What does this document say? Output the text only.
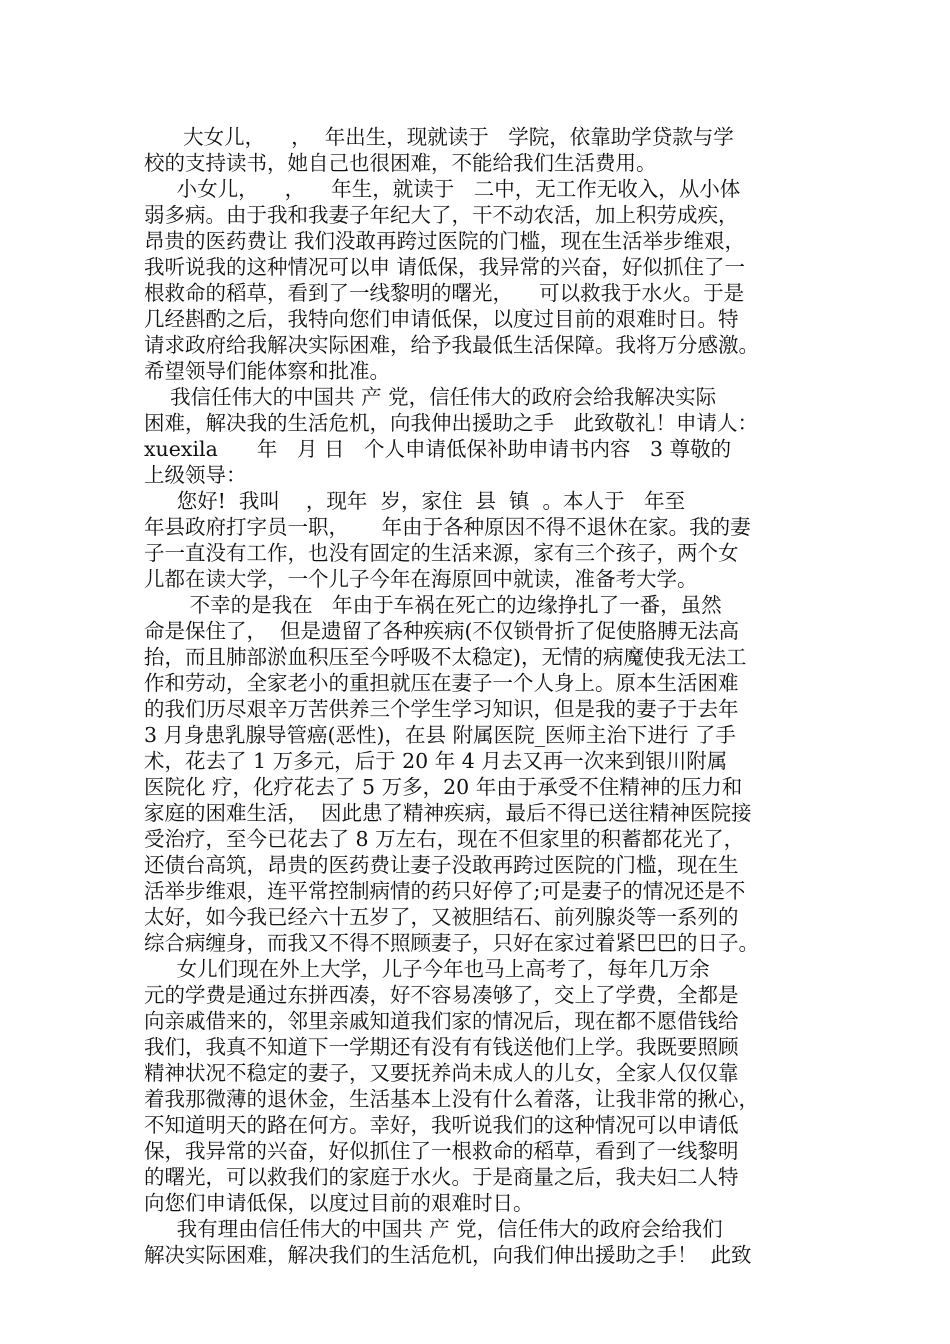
大女儿，    ，  年出生，现就读于   学院，依靠助学贷款与学
校的支持读书，她自己也很困难，不能给我们生活费用。
小女儿，    ，    年生，就读于   二中，无工作无收入，从小体
弱多病。由于我和我妻子年纪大了，干不动农活，加上积劳成疾，
昂贵的医药费让 我们没敢再跨过医院的门槛，现在生活举步维艰，
我听说我的这种情况可以申 请低保，我异常的兴奋，好似抓住了一
根救命的稻草，看到了一线黎明的曙光，    可以救我于水火。于是
几经斟酌之后，我特向您们申请低保，以度过目前的艰难时日。特
请求政府给我解决实际困难，给予我最低生活保障。我将万分感激。
希望领导们能体察和批准。
我信任伟大的中国共 产 党，信任伟大的政府会给我解决实际
困难，解决我的生活危机，向我伸出援助之手   此致敬礼！申请人：
xuexila      年   月 日   个人申请低保补助申请书内容   3 尊敬的
上级领导：
您好!  我叫    ，现年  岁，家住  县  镇  。本人于   年至
年县政府打字员一职，     年由于各种原因不得不退休在家。我的妻
子一直没有工作，也没有固定的生活来源，家有三个孩子，两个女
儿都在读大学，一个儿子今年在海原回中就读，准备考大学。
不幸的是我在   年由于车祸在死亡的边缘挣扎了一番，虽然
命是保住了，  但是遗留了各种疾病(不仅锁骨折了促使胳膊无法高
抬，而且肺部淤血积压至今呼吸不太稳定)，无情的病魔使我无法工
作和劳动，全家老小的重担就压在妻子一个人身上。原本生活困难
的我们历尽艰辛万苦供养三个学生学习知识，但是我的妻子于去年
3 月身患乳腺导管癌(恶性)，在县 附属医院_医师主治下进行 了手
术，花去了 1 万多元，后于 20 年 4 月去又再一次来到银川附属
医院化 疗，化疗花去了 5 万多，20 年由于承受不住精神的压力和
家庭的困难生活，  因此患了精神疾病，最后不得已送往精神医院接
受治疗，至今已花去了 8 万左右，现在不但家里的积蓄都花光了，
还债台高筑，昂贵的医药费让妻子没敢再跨过医院的门槛，现在生
活举步维艰，连平常控制病情的药只好停了;可是妻子的情况还是不
太好，如今我已经六十五岁了，又被胆结石、前列腺炎等一系列的
综合病缠身，而我又不得不照顾妻子，只好在家过着紧巴巴的日子。
女儿们现在外上大学，儿子今年也马上高考了，每年几万余
元的学费是通过东拼西凑，好不容易凑够了，交上了学费，全都是
向亲戚借来的，邻里亲戚知道我们家的情况后，现在都不愿借钱给
我们，我真不知道下一学期还有没有有钱送他们上学。我既要照顾
精神状况不稳定的妻子，又要抚养尚未成人的儿女，全家人仅仅靠
着我那微薄的退休金，生活基本上没有什么着落，让我非常的揪心，
不知道明天的路在何方。幸好，我听说我们的这种情况可以申请低
保，我异常的兴奋，好似抓住了一根救命的稻草，看到了一线黎明
的曙光，可以救我们的家庭于水火。于是商量之后，我夫妇二人特
向您们申请低保，以度过目前的艰难时日。
我有理由信任伟大的中国共 产 党，信任伟大的政府会给我们
解决实际困难，解决我们的生活危机，向我们伸出援助之手！  此致
